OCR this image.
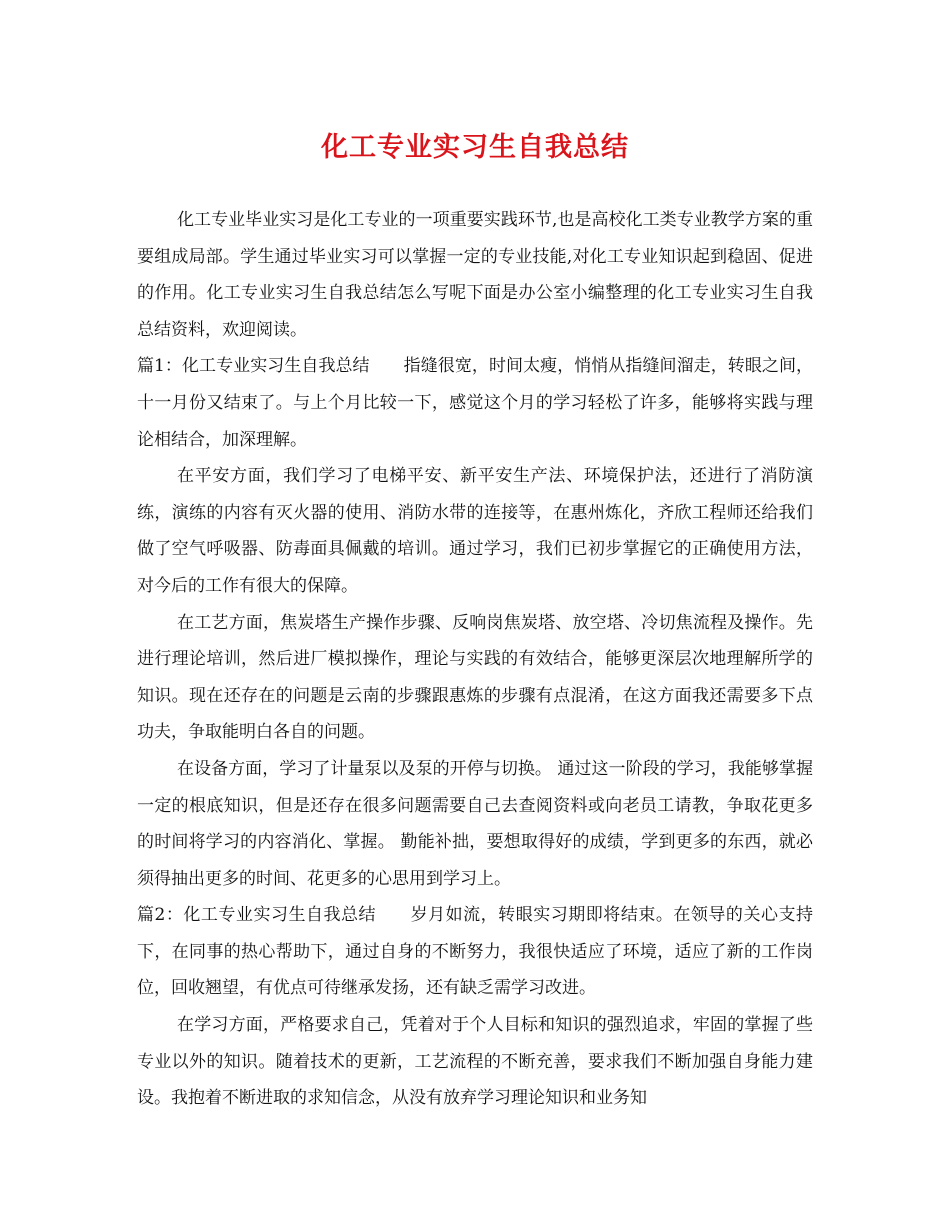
化工专业实习生自我总结

化工专业毕业实习是化工专业的一项重要实践环节,也是高校化工类专业教学方案的重要组成局部。学生通过毕业实习可以掌握一定的专业技能,对化工专业知识起到稳固、促进的作用。化工专业实习生自我总结怎么写呢下面是办公室小编整理的化工专业实习生自我总结资料，欢迎阅读。

篇1：化工专业实习生自我总结 指缝很宽，时间太瘦，悄悄从指缝间溜走，转眼之间，十一月份又结束了。与上个月比较一下，感觉这个月的学习轻松了许多，能够将实践与理论相结合，加深理解。

在平安方面，我们学习了电梯平安、新平安生产法、环境保护法，还进行了消防演练，演练的内容有灭火器的使用、消防水带的连接等，在惠州炼化，齐欣工程师还给我们做了空气呼吸器、防毒面具佩戴的培训。通过学习，我们已初步掌握它的正确使用方法，对今后的工作有很大的保障。

在工艺方面，焦炭塔生产操作步骤、反响岗焦炭塔、放空塔、冷切焦流程及操作。先进行理论培训，然后进厂模拟操作，理论与实践的有效结合，能够更深层次地理解所学的知识。现在还存在的问题是云南的步骤跟惠炼的步骤有点混淆，在这方面我还需要多下点功夫，争取能明白各自的问题。

在设备方面，学习了计量泵以及泵的开停与切换。 通过这一阶段的学习，我能够掌握一定的根底知识，但是还存在很多问题需要自己去查阅资料或向老员工请教，争取花更多的时间将学习的内容消化、掌握。 勤能补拙，要想取得好的成绩，学到更多的东西，就必须得抽出更多的时间、花更多的心思用到学习上。

篇2：化工专业实习生自我总结 岁月如流，转眼实习期即将结束。在领导的关心支持下，在同事的热心帮助下，通过自身的不断努力，我很快适应了环境，适应了新的工作岗位，回收翘望，有优点可待继承发扬，还有缺乏需学习改进。

在学习方面，严格要求自己，凭着对于个人目标和知识的强烈追求，牢固的掌握了些专业以外的知识。随着技术的更新，工艺流程的不断充善，要求我们不断加强自身能力建设。我抱着不断进取的求知信念，从没有放弃学习理论知识和业务知
